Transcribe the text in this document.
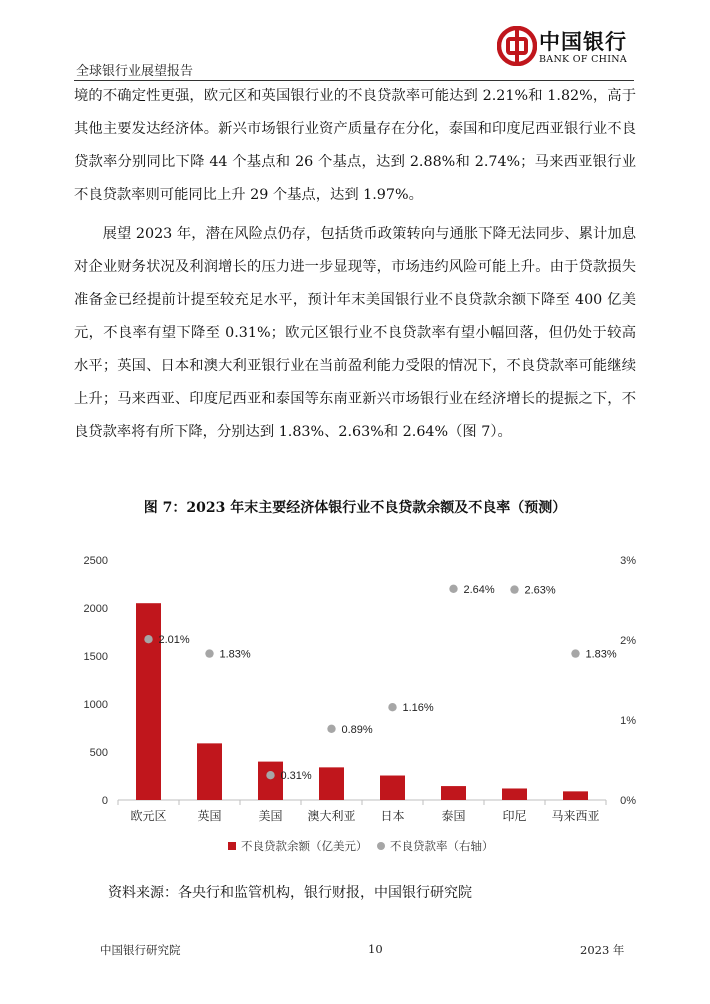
全球银行业展望报告
中国银行
BANK OF CHINA

境的不确定性更强，欧元区和英国银行业的不良贷款率可能达到 2.21%和 1.82%，高于其他主要发达经济体。新兴市场银行业资产质量存在分化，泰国和印度尼西亚银行业不良贷款率分别同比下降 44 个基点和 26 个基点，达到 2.88%和 2.74%；马来西亚银行业不良贷款率则可能同比上升 29 个基点，达到 1.97%。

展望 2023 年，潜在风险点仍存，包括货币政策转向与通胀下降无法同步、累计加息对企业财务状况及利润增长的压力进一步显现等，市场违约风险可能上升。由于贷款损失准备金已经提前计提至较充足水平，预计年末美国银行业不良贷款余额下降至 400 亿美元，不良率有望下降至 0.31%；欧元区银行业不良贷款率有望小幅回落，但仍处于较高水平；英国、日本和澳大利亚银行业在当前盈利能力受限的情况下，不良贷款率可能继续上升；马来西亚、印度尼西亚和泰国等东南亚新兴市场银行业在经济增长的提振之下，不良贷款率将有所下降，分别达到 1.83%、2.63%和 2.64%（图 7）。

图 7：2023 年末主要经济体银行业不良贷款余额及不良率（预测）
0
500
1000
1500
2000
2500
0%
1%
2%
3%
欧元区	英国	美国 澳大利亚 日本	泰国	印尼 马来西亚
2.01%
1.83%
0.31%
0.89%
1.16%
2.64%	2.63%
1.83%
不良贷款余额（亿美元） 不良贷款率（右轴）
资料来源：各央行和监管机构，银行财报，中国银行研究院
中国银行研究院	10	2023 年
